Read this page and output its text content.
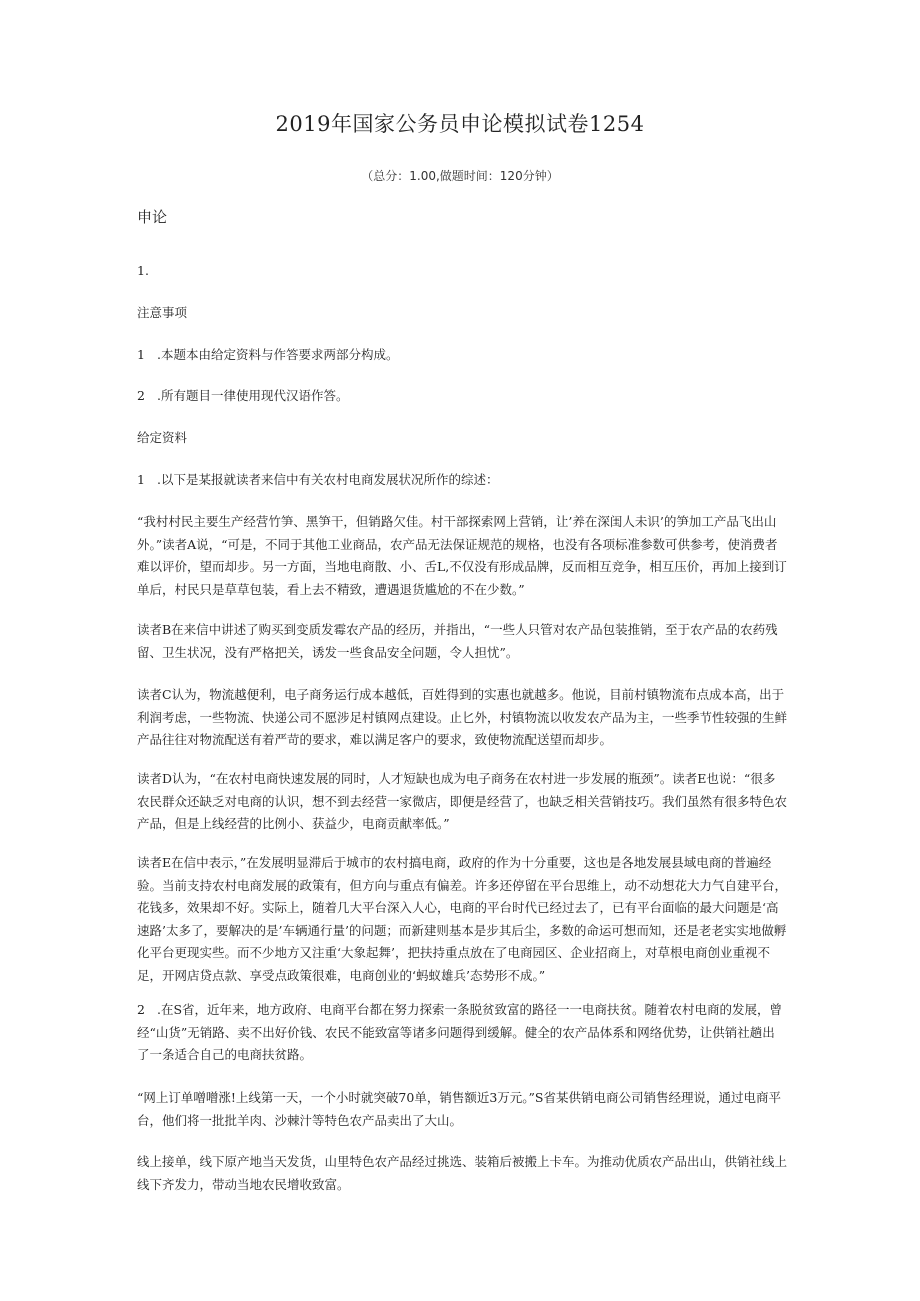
2019年国家公务员申论模拟试卷1254
（总分：1.00,做题时间：120分钟）
申论
1.
注意事项
1 .本题本由给定资料与作答要求两部分构成。
2 .所有题目一律使用现代汉语作答。
给定资料
1 .以下是某报就读者来信中有关农村电商发展状况所作的综述：

“我村村民主要生产经营竹笋、黑笋干，但销路欠佳。村干部探索网上营销，让’养在深闺人未识’的笋加工产品飞出山外。”读者A说，“可是，不同于其他工业商品，农产品无法保证规范的规格，也没有各项标准参数可供参考，使消费者难以评价，望而却步。另一方面，当地电商散、小、舌L,不仅没有形成品牌，反而相互竞争，相互压价，再加上接到订单后，村民只是草草包装，看上去不精致，遭遇退货尴尬的不在少数。”

读者B在来信中讲述了购买到变质发霉农产品的经历，并指出，“一些人只管对农产品包装推销，至于农产品的农药残留、卫生状况，没有严格把关，诱发一些食品安全问题，令人担忧”。

读者C认为，物流越便利，电子商务运行成本越低，百姓得到的实惠也就越多。他说，目前村镇物流布点成本高，出于利润考虑，一些物流、快递公司不愿涉足村镇网点建设。止匕外，村镇物流以收发农产品为主，一些季节性较强的生鲜产品往往对物流配送有着严苛的要求，难以满足客户的要求，致使物流配送望而却步。

读者D认为，“在农村电商快速发展的同时，人才短缺也成为电子商务在农村进一步发展的瓶颈”。读者E也说：“很多农民群众还缺乏对电商的认识，想不到去经营一家微店，即便是经营了，也缺乏相关营销技巧。我们虽然有很多特色农产品，但是上线经营的比例小、获益少，电商贡献率低。”

读者E在信中表示，”在发展明显滞后于城市的农村搞电商，政府的作为十分重要，这也是各地发展县域电商的普遍经验。当前支持农村电商发展的政策有，但方向与重点有偏差。许多还停留在平台思维上，动不动想花大力气自建平台，花钱多，效果却不好。实际上，随着几大平台深入人心，电商的平台时代已经过去了，已有平台面临的最大问题是‘高速路’太多了，要解决的是’车辆通行量’的问题；而新建则基本是步其后尘，多数的命运可想而知，还是老老实实地做孵化平台更现实些。而不少地方又注重‘大象起舞’，把扶持重点放在了电商园区、企业招商上，对草根电商创业重视不足，开网店贷点款、享受点政策很难，电商创业的‘蚂蚁雄兵’态势形不成。”

2 .在S省，近年来，地方政府、电商平台都在努力探索一条脱贫致富的路径一一电商扶贫。随着农村电商的发展，曾经“山货”无销路、卖不出好价钱、农民不能致富等诸多问题得到缓解。健全的农产品体系和网络优势，让供销社趟出了一条适合自己的电商扶贫路。

“网上订单噌噌涨!上线第一天，一个小时就突破70单，销售额近3万元。”S省某供销电商公司销售经理说，通过电商平台，他们将一批批羊肉、沙棘汁等特色农产品卖出了大山。

线上接单，线下原产地当天发货，山里特色农产品经过挑选、装箱后被搬上卡车。为推动优质农产品出山，供销社线上线下齐发力，带动当地农民增收致富。
